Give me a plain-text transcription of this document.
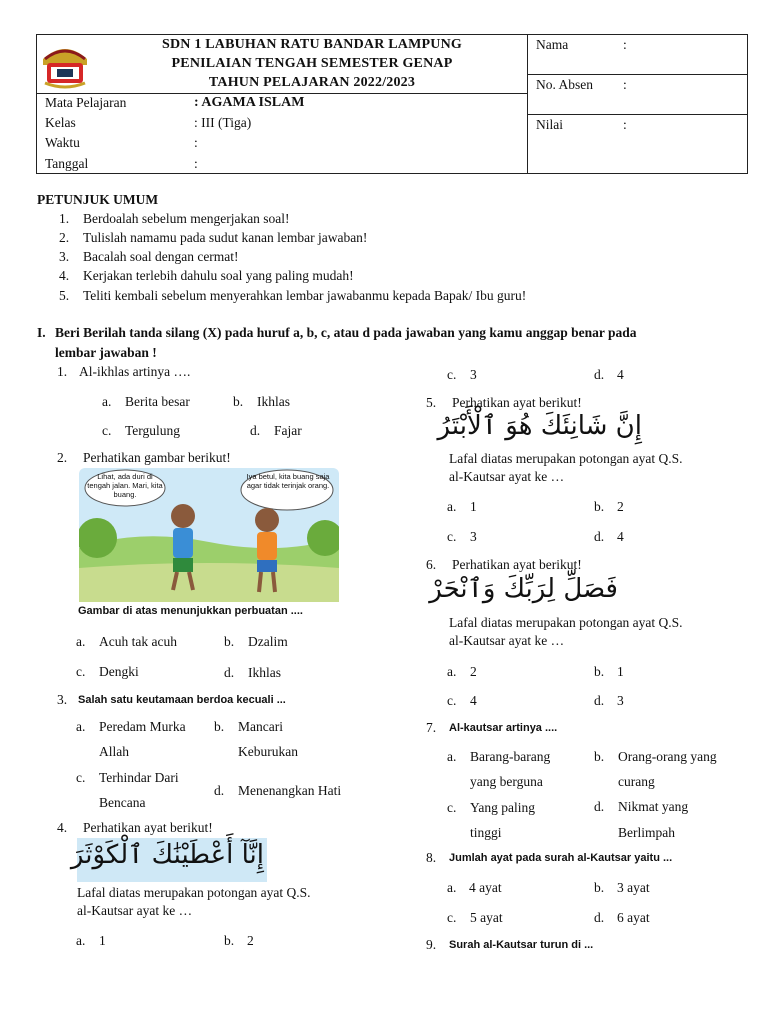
SDN 1 LABUHAN RATU BANDAR LAMPUNG
PENILAIAN TENGAH SEMESTER GENAP
TAHUN PELAJARAN 2022/2023
Mata Pelajaran	: AGAMA ISLAM
Kelas	: III (Tiga)
Waktu	:
Tanggal	:
Nama	:
No. Absen :
Nilai	:
PETUNJUK UMUM
1. Berdoalah sebelum mengerjakan soal!
2. Tulislah namamu pada sudut kanan lembar jawaban!
3. Bacalah soal dengan cermat!
4. Kerjakan terlebih dahulu soal yang paling mudah!
5. Teliti kembali sebelum menyerahkan lembar jawabanmu kepada Bapak/ Ibu guru!
I. Beri Berilah tanda silang (X) pada huruf a, b, c, atau d pada jawaban yang kamu anggap benar pada
lembar jawaban !
1. Al-ikhlas artinya ….
a. Berita besar	b. Ikhlas
c. Tergulung	d. Fajar
2. Perhatikan gambar berikut!
Lihat, ada duri di tengah jalan. Mari, kita buang.
Iya betul, kita buang saja agar tidak terinjak orang.
Gambar di atas menunjukkan perbuatan ....
a. Acuh tak acuh	b. Dzalim
c. Dengki	d. Ikhlas
3. Salah satu keutamaan berdoa kecuali ...
a. Peredam Murka
Allah
b. Mancari
Keburukan
c. Terhindar Dari
Bencana
d. Menenangkan Hati
4. Perhatikan ayat berikut!
إِنَّآ أَعْطَيْنَٰكَ ٱلْكَوْثَرَ
Lafal diatas merupakan potongan ayat Q.S.
al-Kautsar ayat ke …
a. 1	b. 2
c. 3	d. 4
5. Perhatikan ayat berikut!
إِنَّ شَانِئَكَ هُوَ ٱلْأَبْتَرُ
Lafal diatas merupakan potongan ayat Q.S.
al-Kautsar ayat ke …
a. 1	b. 2
c. 3	d. 4
6. Perhatikan ayat berikut!
فَصَلِّ لِرَبِّكَ وَٱنْحَرْ
Lafal diatas merupakan potongan ayat Q.S.
al-Kautsar ayat ke …
a. 2	b. 1
c. 4	d. 3
7. Al-kautsar artinya ....
a. Barang-barang
yang berguna
b. Orang-orang yang
curang
c. Yang paling
tinggi
d. Nikmat yang
Berlimpah
8. Jumlah ayat pada surah al-Kautsar yaitu ...
a. 4 ayat	b. 3 ayat
c. 5 ayat	d. 6 ayat
9. Surah al-Kautsar turun di ...
